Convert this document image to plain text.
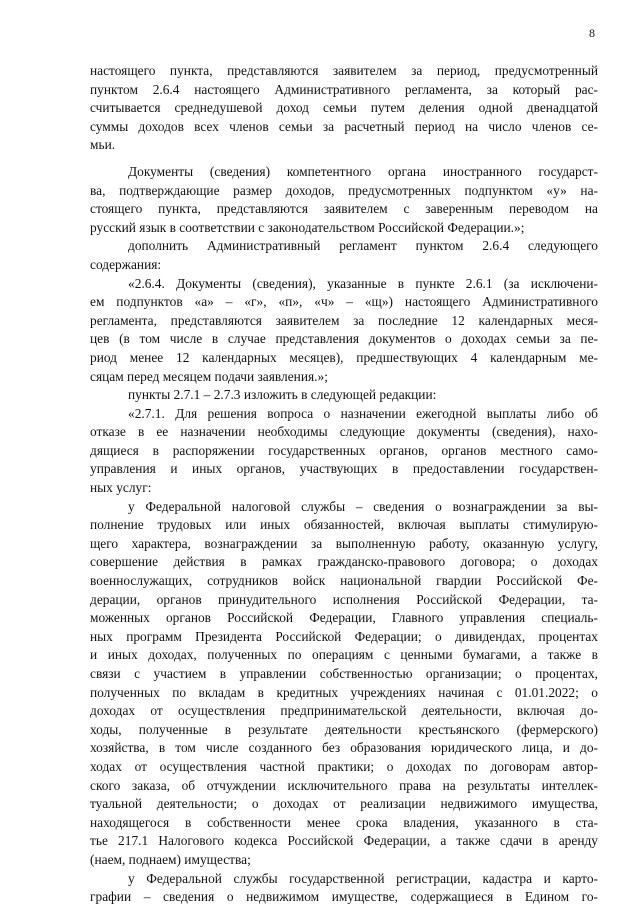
8
настоящего пункта, представляются заявителем за период, предусмотренный
пунктом 2.6.4 настоящего Административного регламента, за который рас-
считывается среднедушевой доход семьи путем деления одной двенадцатой
суммы доходов всех членов семьи за расчетный период на число членов се-
мьи.
Документы (сведения) компетентного органа иностранного государст-
ва, подтверждающие размер доходов, предусмотренных подпунктом «у» на-
стоящего пункта, представляются заявителем с заверенным переводом на
русский язык в соответствии с законодательством Российской Федерации.»;
дополнить Административный регламент пунктом 2.6.4 следующего
содержания:
«2.6.4. Документы (сведения), указанные в пункте 2.6.1 (за исключени-
ем подпунктов «а» – «г», «п», «ч» – «щ») настоящего Административного
регламента, представляются заявителем за последние 12 календарных меся-
цев (в том числе в случае представления документов о доходах семьи за пе-
риод менее 12 календарных месяцев), предшествующих 4 календарным ме-
сяцам перед месяцем подачи заявления.»;
пункты 2.7.1 – 2.7.3 изложить в следующей редакции:
«2.7.1. Для решения вопроса о назначении ежегодной выплаты либо об
отказе в ее назначении необходимы следующие документы (сведения), нахо-
дящиеся в распоряжении государственных органов, органов местного само-
управления и иных органов, участвующих в предоставлении государствен-
ных услуг:
у Федеральной налоговой службы – сведения о вознаграждении за вы-
полнение трудовых или иных обязанностей, включая выплаты стимулирую-
щего характера, вознаграждении за выполненную работу, оказанную услугу,
совершение действия в рамках гражданско-правового договора; о доходах
военнослужащих, сотрудников войск национальной гвардии Российской Фе-
дерации, органов принудительного исполнения Российской Федерации, та-
моженных органов Российской Федерации, Главного управления специаль-
ных программ Президента Российской Федерации; о дивидендах, процентах
и иных доходах, полученных по операциям с ценными бумагами, а также в
связи с участием в управлении собственностью организации; о процентах,
полученных по вкладам в кредитных учреждениях начиная с 01.01.2022; о
доходах от осуществления предпринимательской деятельности, включая до-
ходы, полученные в результате деятельности крестьянского (фермерского)
хозяйства, в том числе созданного без образования юридического лица, и до-
ходах от осуществления частной практики; о доходах по договорам автор-
ского заказа, об отчуждении исключительного права на результаты интеллек-
туальной деятельности; о доходах от реализации недвижимого имущества,
находящегося в собственности менее срока владения, указанного в ста-
тье 217.1 Налогового кодекса Российской Федерации, а также сдачи в аренду
(наем, поднаем) имущества;
у Федеральной службы государственной регистрации, кадастра и карто-
графии – сведения о недвижимом имуществе, содержащиеся в Едином го-
